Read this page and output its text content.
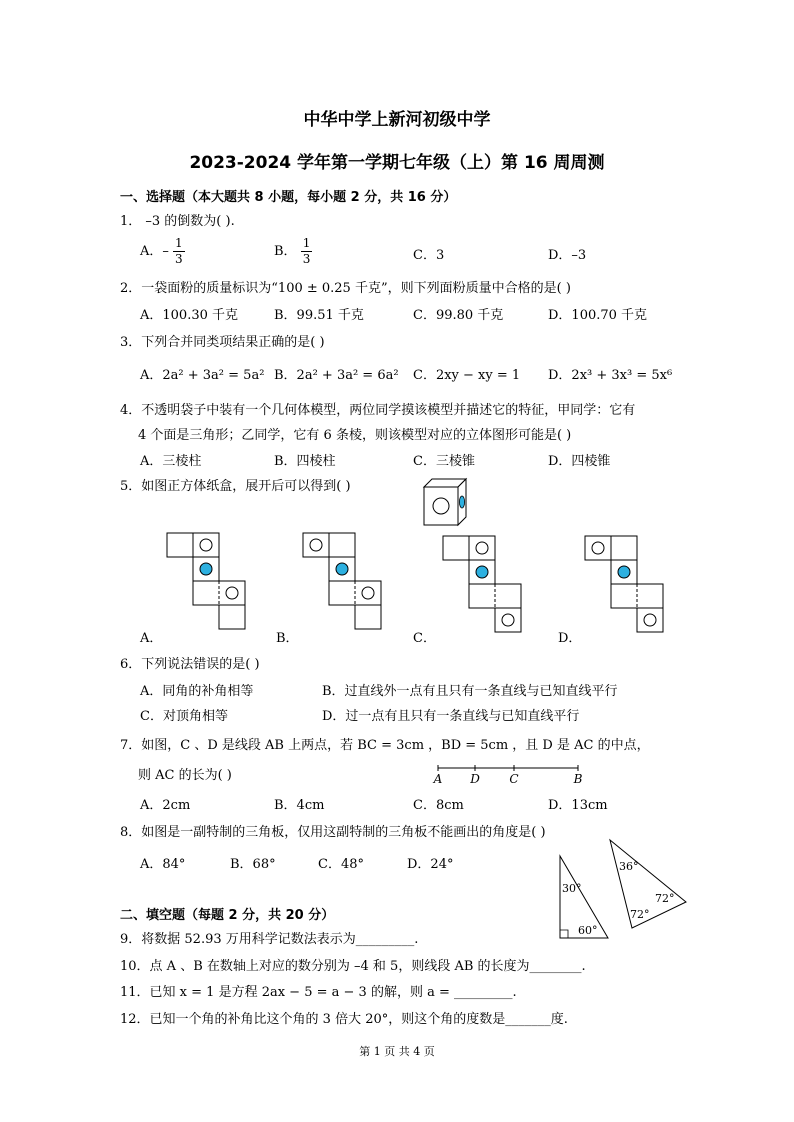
中华中学上新河初级中学
2023-2024 学年第一学期七年级（上）第 16 周周测
一、选择题（本大题共 8 小题，每小题 2 分，共 16 分）
1． –3 的倒数为( ).
A．– $\frac{1}{3}$	B． $\frac{1}{3}$	C．3	D．–3
2．一袋面粉的质量标识为“100 ± 0.25 千克”，则下列面粉质量中合格的是( )
A．100.30 千克	B．99.51 千克	C．99.80 千克	D．100.70 千克
3．下列合并同类项结果正确的是( )
A．2a² + 3a² = 5a² B．2a² + 3a² = 6a² C．2xy − xy = 1 D．2x³ + 3x³ = 5x⁶
4．不透明袋子中装有一个几何体模型，两位同学摸该模型并描述它的特征，甲同学：它有
4 个面是三角形；乙同学，它有 6 条棱，则该模型对应的立体图形可能是( )
A．三棱柱	B．四棱柱	C．三棱锥	D．四棱锥
5．如图正方体纸盒，展开后可以得到( )
A．	B．	C．	D．
6．下列说法错误的是( )
A．同角的补角相等	B．过直线外一点有且只有一条直线与已知直线平行
C．对顶角相等	D．过一点有且只有一条直线与已知直线平行
7．如图，C 、D 是线段 AB 上两点，若 BC = 3cm ，BD = 5cm ，且 D 是 AC 的中点，
则 AC 的长为( )	A D C	B
A．2cm	B．4cm	C．8cm	D．13cm
8．如图是一副特制的三角板，仅用这副特制的三角板不能画出的角度是( )
A．84°	B．68°	C．48°	D．24°
30°
60°
36°
72°
72°
二、填空题（每题 2 分，共 20 分）
9．将数据 52.93 万用科学记数法表示为_________.
10．点 A 、B 在数轴上对应的数分别为 –4 和 5，则线段 AB 的长度为________.
11．已知 x = 1 是方程 2ax − 5 = a − 3 的解，则 a = _________.
12．已知一个角的补角比这个角的 3 倍大 20°，则这个角的度数是_______度.
第 1 页 共 4 页
